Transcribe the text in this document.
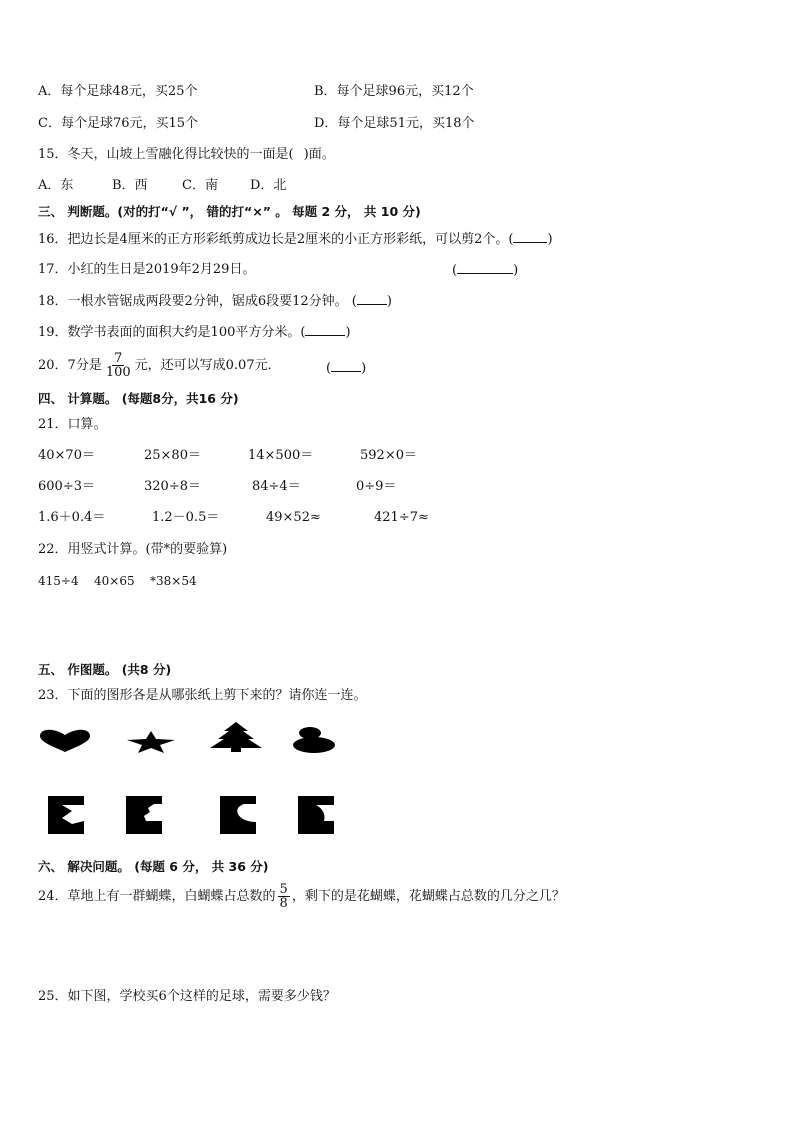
A．每个足球48元，买25个	B．每个足球96元，买12个
C．每个足球76元，买15个	D．每个足球51元，买18个
15．冬天，山坡上雪融化得比较快的一面是( )面。
A．东	B．西	C．南 D．北
三、 判断题。(对的打“√ ”， 错的打“×” 。 每题 2 分， 共 10 分)
16．把边长是4厘米的正方形彩纸剪成边长是2厘米的小正方形彩纸，可以剪2个。(	)
17．小红的生日是2019年2月29日。	(	)
18．一根水管锯成两段要2分钟，锯成6段要12分钟。 ( )
19．数学书表面的面积大约是100平方分米。(	)
20．7分是 $\frac{7}{100}$ 元，还可以写成0.07元．	( )
四、 计算题。 (每题8分，共16 分)
21．口算。
40×70＝	25×80＝	14×500＝	592×0＝
600÷3＝	320÷8＝	84÷4＝	0÷9＝
1.6＋0.4＝	1.2－0.5＝	49×52≈	421÷7≈
22．用竖式计算。(带*的要验算)
415÷4 40×65 *38×54
五、 作图题。 (共8 分)
23．下面的图形各是从哪张纸上剪下来的？请你连一连。
六、 解决问题。 (每题 6 分， 共 36 分)
24．草地上有一群蝴蝶，白蝴蝶占总数的 $\frac{5}{8}$ ，剩下的是花蝴蝶，花蝴蝶占总数的几分之几？
25．如下图，学校买6个这样的足球，需要多少钱？
